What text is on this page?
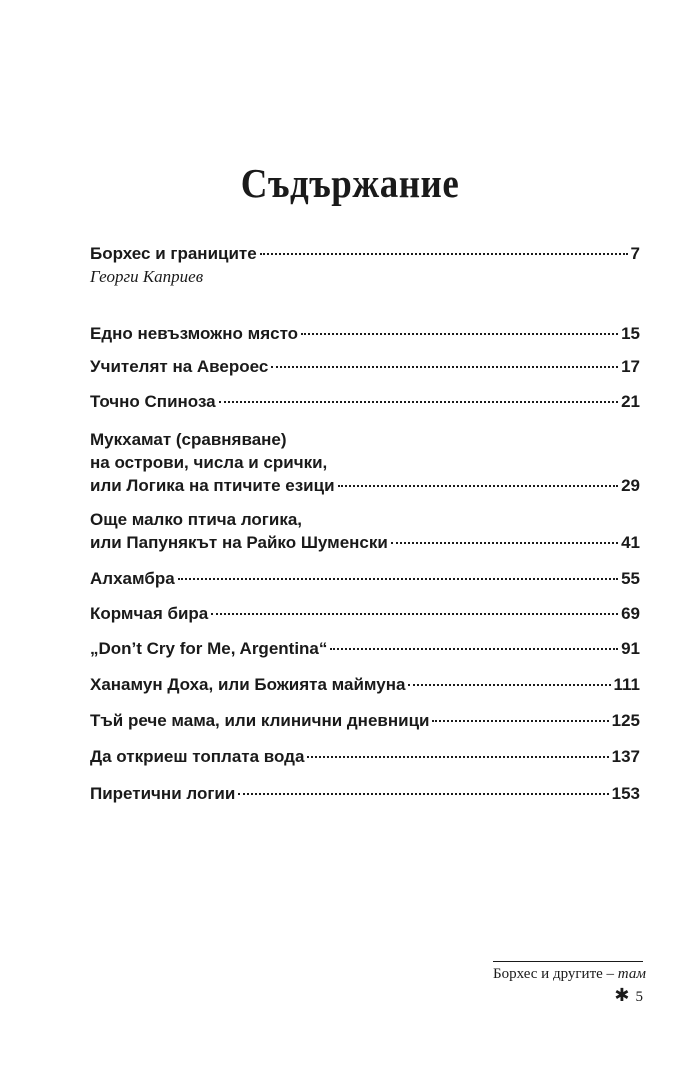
Съдържание
Борхес и границите	7
Георги Каприев
Едно невъзможно място	15
Учителят на Авероес	17
Точно Спиноза	21
Мукхамат (сравняване)
на острови, числа и срички,
или Логика на птичите езици	29
Още малко птича логика,
или Папунякът на Райко Шуменски	41
Алхамбра	55
Кормчая бира	69
„Don’t Cry for Me, Argentina“	91
Ханамун Доха, или Божията маймуна	111
Тъй рече мама, или клинични дневници	125
Да откриеш топлата вода	137
Пиретични логии	153
Борхес и другите – там
✱ 5
